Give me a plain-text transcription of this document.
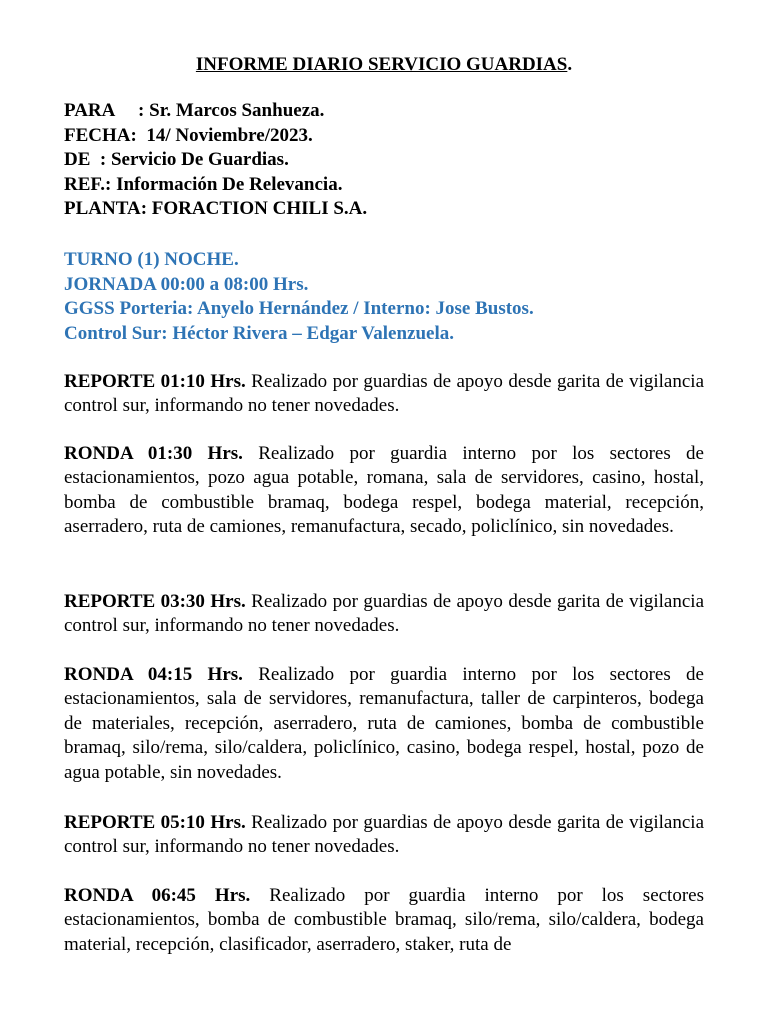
INFORME DIARIO SERVICIO GUARDIAS.
PARA     : Sr. Marcos Sanhueza.
FECHA:  14/ Noviembre/2023.
DE  : Servicio De Guardias.
REF.: Información De Relevancia.
PLANTA: FORACTION CHILI S.A.
TURNO (1) NOCHE.
JORNADA 00:00 a 08:00 Hrs.
GGSS Porteria: Anyelo Hernández / Interno: Jose Bustos.
Control Sur: Héctor Rivera – Edgar Valenzuela.
REPORTE 01:10 Hrs. Realizado por guardias de apoyo desde garita de vigilancia control sur, informando no tener novedades.
RONDA 01:30 Hrs. Realizado por guardia interno por los sectores de estacionamientos, pozo agua potable, romana, sala de servidores, casino, hostal, bomba de combustible bramaq, bodega respel, bodega material, recepción, aserradero, ruta de camiones, remanufactura, secado, policlínico, sin novedades.
REPORTE 03:30 Hrs. Realizado por guardias de apoyo desde garita de vigilancia control sur, informando no tener novedades.
RONDA 04:15 Hrs. Realizado por guardia interno por los sectores de estacionamientos, sala de servidores, remanufactura, taller de carpinteros, bodega de materiales, recepción, aserradero, ruta de camiones, bomba de combustible bramaq, silo/rema, silo/caldera, policlínico, casino, bodega respel, hostal, pozo de agua potable, sin novedades.
REPORTE 05:10 Hrs. Realizado por guardias de apoyo desde garita de vigilancia control sur, informando no tener novedades.
RONDA 06:45 Hrs. Realizado por guardia interno por los sectores estacionamientos, bomba de combustible bramaq, silo/rema, silo/caldera, bodega material, recepción, clasificador, aserradero, staker, ruta de
